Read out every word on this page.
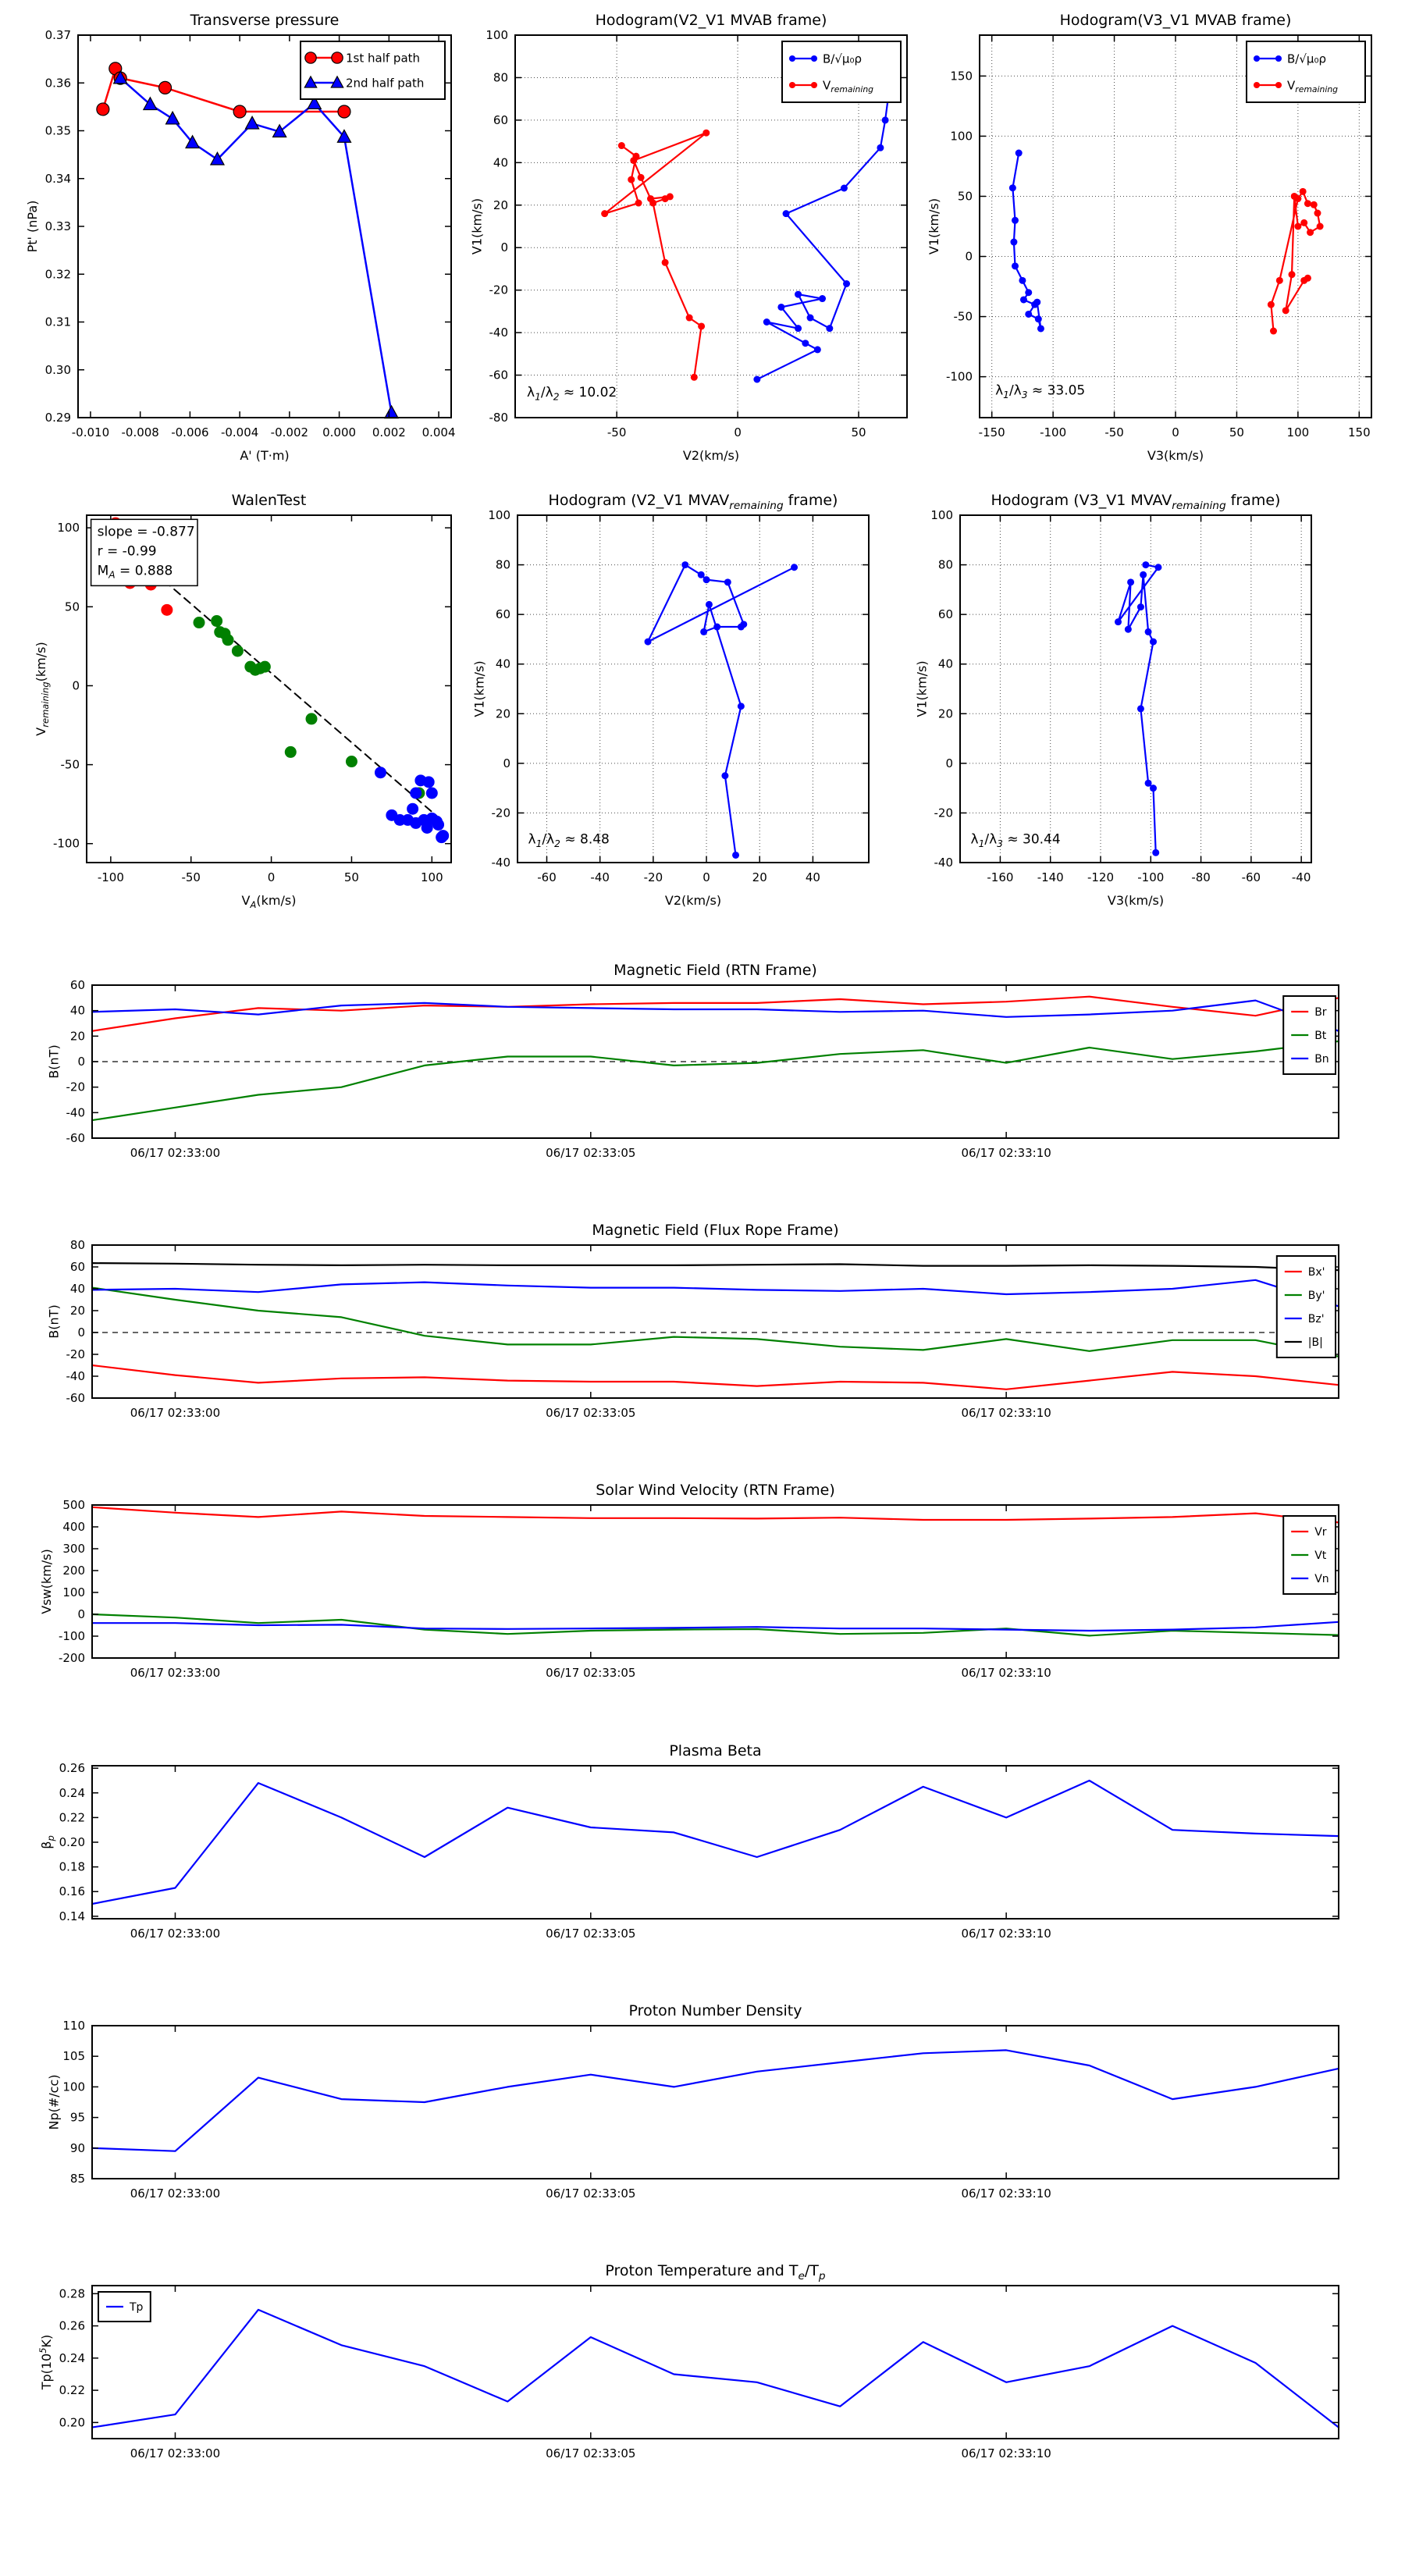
-0.010 -0.008 -0.006 -0.004 -0.002 0.000 0.002 0.004
0.29
0.30
0.31
0.32
0.33
0.34
0.35
0.36
0.37
Transverse pressure
A' (T·m)
Pt' (nPa)
1st half path
2nd half path
-50	0	50
-80
-60
-40
-20
0
20
40
60
80
100
Hodogram(V2_V1 MVAB frame)
V2(km/s)
V1(km/s)
$\lambda_1/\lambda_2 \approx 10.02$
B/√μ₀ρ
$V_{remaining}$
-150	-100	-50	0	50	100	150
-100
-50
0
50
100
150
Hodogram(V3_V1 MVAB frame)
V3(km/s)
V1(km/s)
$\lambda_1/\lambda_3 \approx 33.05$
B/√μ₀ρ
$V_{remaining}$
-100	-50	0	50	100
-100
-50
0
50
100
WalenTest
$V_A(km/s)$
$V_{remaining}(km/s)$
slope = -0.877
r = -0.99
$M_A = 0.888$
-60	-40	-20	0	20	40
-40
-20
0
20
40
60
80
100
Hodogram (V2_V1 $MVAV_{remaining}$ frame)
V2(km/s)
V1(km/s)
$\lambda_1/\lambda_2 \approx 8.48$
-160 -140 -120 -100 -80	-60	-40
-40
-20
0
20
40
60
80
100
Hodogram (V3_V1 $MVAV_{remaining}$ frame)
V3(km/s)
V1(km/s)
$\lambda_1/\lambda_3 \approx 30.44$
06/17 02:33:00	06/17 02:33:05	06/17 02:33:10
-60
-40
-20
0
20
40
60
Magnetic Field (RTN Frame)
B(nT)
Br
Bt
Bn
06/17 02:33:00	06/17 02:33:05	06/17 02:33:10
-60
-40
-20
0
20
40
60
80
Magnetic Field (Flux Rope Frame)
B(nT)
Bx'
By'
Bz'
|B|
06/17 02:33:00	06/17 02:33:05	06/17 02:33:10
-200
-100
0
100
200
300
400
500
Solar Wind Velocity (RTN Frame)
Vsw(km/s)
Vr
Vt
Vn
06/17 02:33:00	06/17 02:33:05	06/17 02:33:10
0.14
0.16
0.18
0.20
0.22
0.24
0.26
Plasma Beta
$\beta_p$
06/17 02:33:00	06/17 02:33:05	06/17 02:33:10
85
90
95
100
105
110
Proton Number Density
Np(#/cc)
06/17 02:33:00	06/17 02:33:05	06/17 02:33:10
0.20
0.22
0.24
0.26
0.28
Proton Temperature and $T_e/T_p$
$Tp(10^5K)$
Tp
